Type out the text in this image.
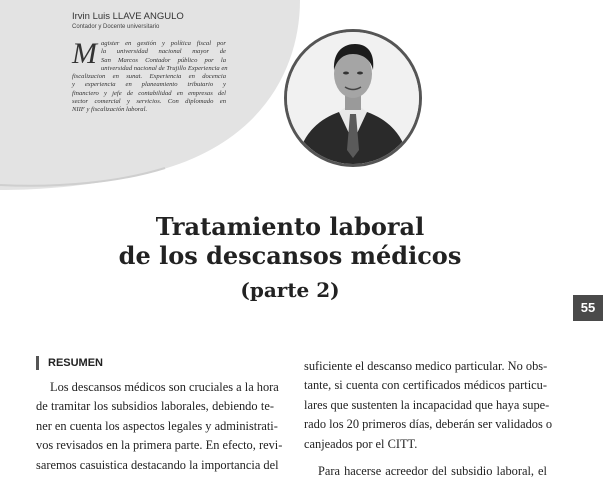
Irvin Luis LLAVE ANGULO
Contador y Docente universitario
M agister en gestión y política fiscal por
la universidad nacional mayor de
San Marcos Contador público por la
universidad nacional de Trujillo Experiencia en
fiscalizacion en sunat. Experiencia en docencia
y experiencia en planeamiento tributario y
financiero y jefe de contabilidad en empresas del
sector comercial y servicios. Con diplomado en
NIIF y fiscalización laboral.
Tratamiento laboral
de los descansos médicos
(parte 2)
55
RESUMEN
Los descansos médicos son cruciales a la hora
de tramitar los subsidios laborales, debiendo te-
ner en cuenta los aspectos legales y administrati-
vos revisados en la primera parte. En efecto, revi-
saremos casuistica destacando la importancia del
suficiente el descanso medico particular. No obs-
tante, si cuenta con certificados médicos particu-
lares que sustenten la incapacidad que haya supe-
rado los 20 primeros días, deberán ser validados o
canjeados por el CITT.
Para hacerse acreedor del subsidio laboral, el
